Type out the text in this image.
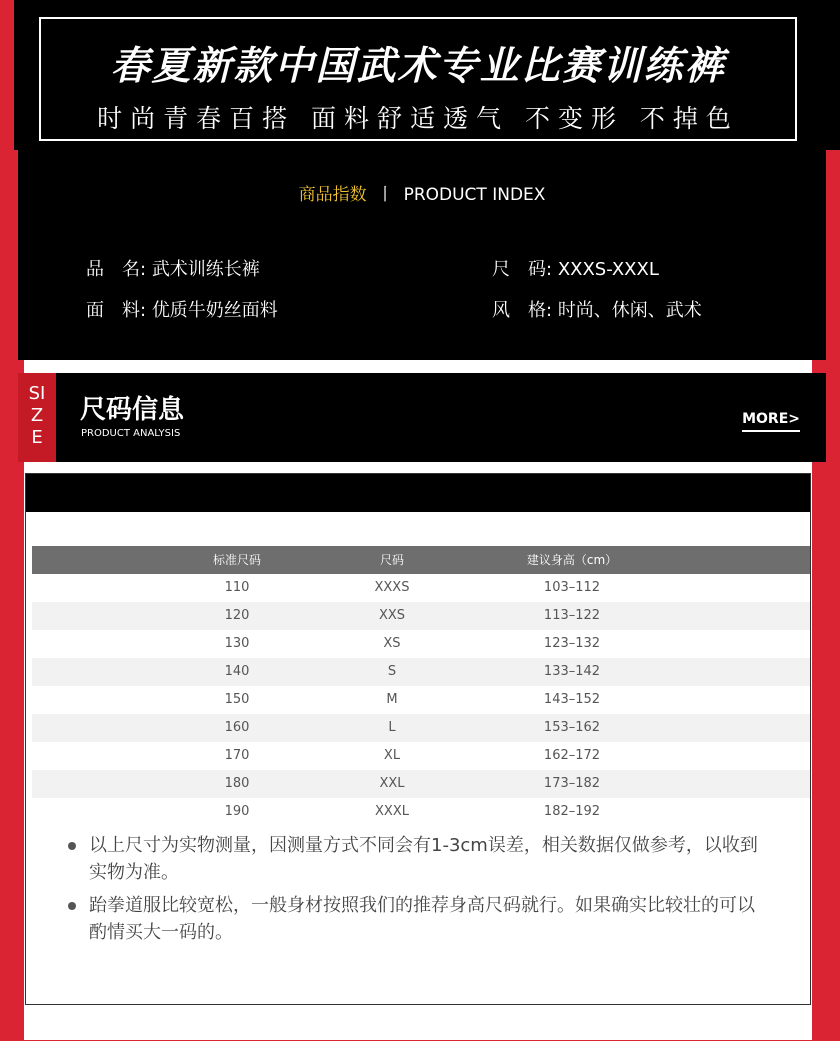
春夏新款中国武术专业比赛训练裤
时尚青春百搭 面料舒适透气 不变形 不掉色
商品指数 丨 PRODUCT INDEX
品　名: 武术训练长裤	尺　码: XXXS-XXXL
面　料: 优质牛奶丝面料	风　格: 时尚、休闲、武术
SIZE
尺码信息
PRODUCT ANALYSIS
MORE>
标准尺码	尺码	建议身高（cm）
110	XXXS	103–112
120	XXS	113–122
130	XS	123–132
140	S	133–142
150	M	143–152
160	L	153–162
170	XL	162–172
180	XXL	173–182
190	XXXL	182–192
以上尺寸为实物测量，因测量方式不同会有1-3cm误差，相关数据仅做参考，以收到实物为准。
跆拳道服比较宽松，一般身材按照我们的推荐身高尺码就行。如果确实比较壮的可以酌情买大一码的。
